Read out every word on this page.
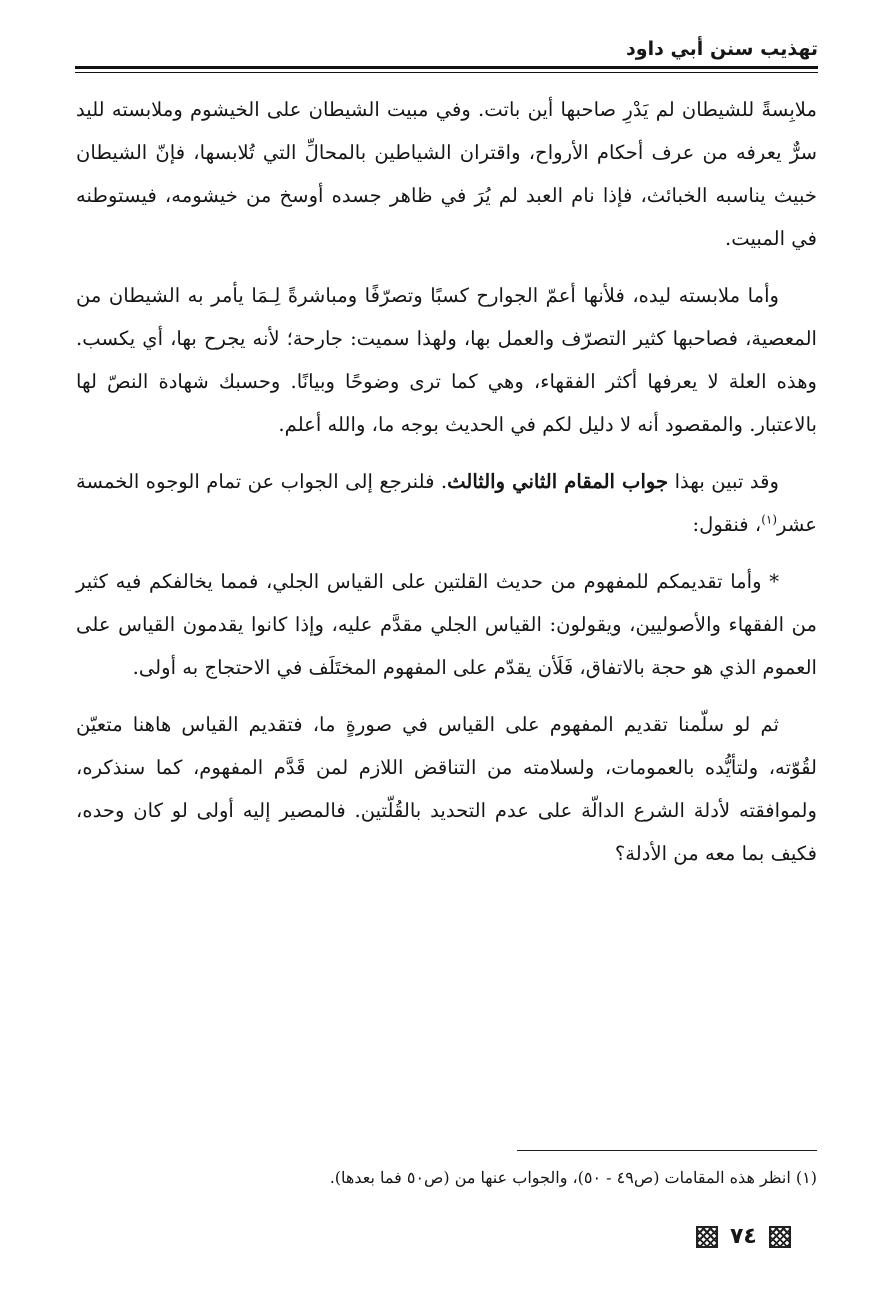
تهذيب سنن أبي داود

ملابِسةً للشيطان لم يَدْرِ صاحبها أين باتت. وفي مبيت الشيطان على الخيشوم وملابسته لليد سرٌّ يعرفه من عرف أحكام الأرواح، واقتران الشياطين بالمحالِّ التي تُلابسها، فإنّ الشيطان خبيث يناسبه الخبائث، فإذا نام العبد لم يُرَ في ظاهر جسده أوسخ من خيشومه، فيستوطنه في المبيت.

وأما ملابسته ليده، فلأنها أعمّ الجوارح كسبًا وتصرّفًا ومباشرةً لِـمَا يأمر به الشيطان من المعصية، فصاحبها كثير التصرّف والعمل بها، ولهذا سميت: جارحة؛ لأنه يجرح بها، أي يكسب. وهذه العلة لا يعرفها أكثر الفقهاء، وهي كما ترى وضوحًا وبيانًا. وحسبك شهادة النصّ لها بالاعتبار. والمقصود أنه لا دليل لكم في الحديث بوجه ما، والله أعلم.

وقد تبين بهذا جواب المقام الثاني والثالث. فلنرجع إلى الجواب عن تمام الوجوه الخمسة عشر$^{(١)}$، فنقول:

* وأما تقديمكم للمفهوم من حديث القلتين على القياس الجلي، فمما يخالفكم فيه كثير من الفقهاء والأصوليين، ويقولون: القياس الجلي مقدَّم عليه، وإذا كانوا يقدمون القياس على العموم الذي هو حجة بالاتفاق، فَلَأن يقدّم على المفهوم المختَلَف في الاحتجاج به أولى.

ثم لو سلّمنا تقديم المفهوم على القياس في صورةٍ ما، فتقديم القياس هاهنا متعيّن لقُوّته، ولتأيُّده بالعمومات، ولسلامته من التناقض اللازم لمن قَدَّم المفهوم، كما سنذكره، ولموافقته لأدلة الشرع الدالّة على عدم التحديد بالقُلّتين. فالمصير إليه أولى لو كان وحده، فكيف بما معه من الأدلة؟

(١) انظر هذه المقامات (ص٤٩ - ٥٠)، والجواب عنها من (ص٥٠ فما بعدها).

٧٤
